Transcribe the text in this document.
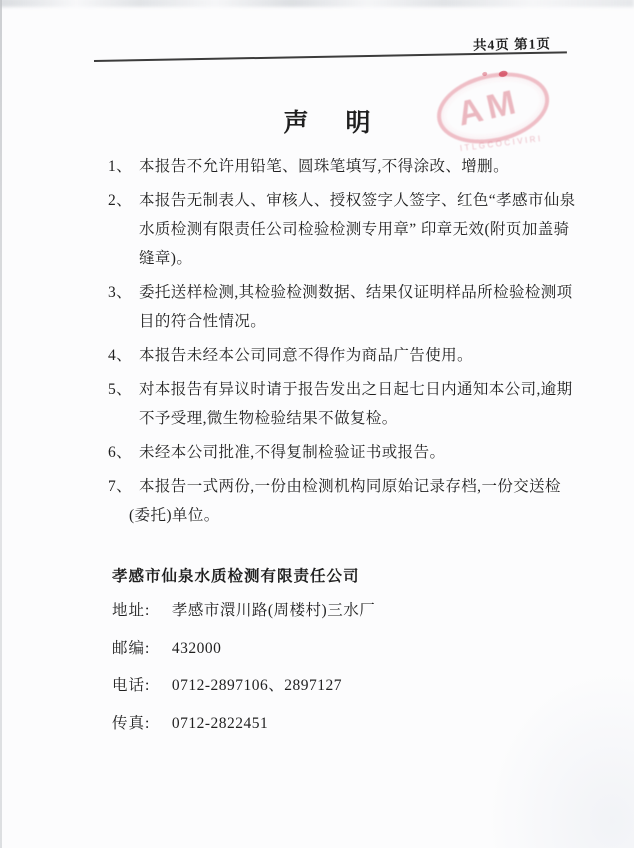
共4页 第1页
AM
ITLGCOCIVIRI
声　明
1、 本报告不允许用铅笔、圆珠笔填写,不得涂改、增删。
2、 本报告无制表人、审核人、授权签字人签字、红色“孝感市仙泉
水质检测有限责任公司检验检测专用章” 印章无效(附页加盖骑
缝章)。
3、 委托送样检测,其检验检测数据、结果仅证明样品所检验检测项
目的符合性情况。
4、 本报告未经本公司同意不得作为商品广告使用。
5、 对本报告有异议时请于报告发出之日起七日内通知本公司,逾期
不予受理,微生物检验结果不做复检。
6、 未经本公司批准,不得复制检验证书或报告。
7、 本报告一式两份,一份由检测机构同原始记录存档,一份交送检
(委托)单位。
孝感市仙泉水质检测有限责任公司
地址: 孝感市澴川路(周楼村)三水厂
邮编: 432000
电话: 0712-2897106、2897127
传真: 0712-2822451
